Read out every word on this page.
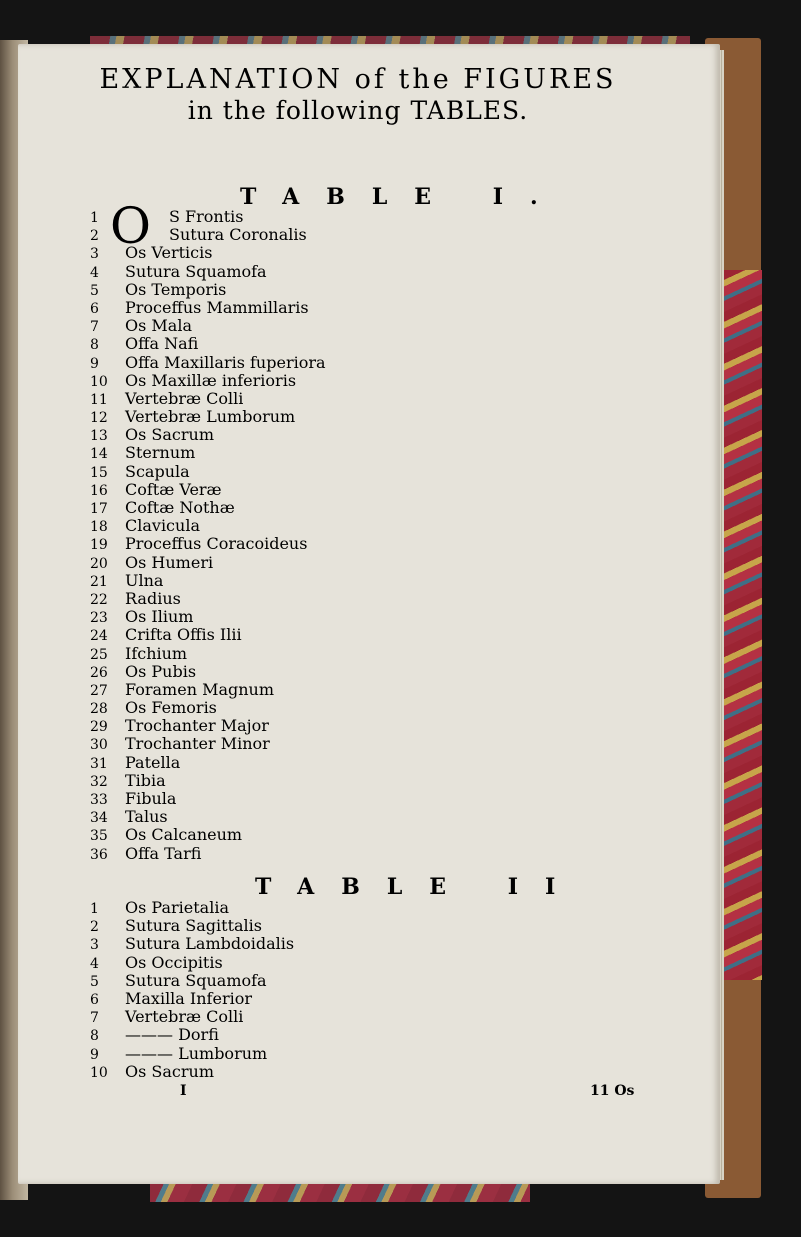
EXPLANATION of the FIGURES
in the following TABLES.
TABLE I.
O
1	S Frontis
2	Sutura Coronalis
3 Os Verticis
4 Sutura Squamofa
5 Os Temporis
6 Proceffus Mammillaris
7 Os Mala
8 Offa Nafi
9 Offa Maxillaris fuperiora
10 Os Maxillæ inferioris
11 Vertebræ Colli
12 Vertebræ Lumborum
13 Os Sacrum
14 Sternum
15 Scapula
16 Coftæ Veræ
17 Coftæ Nothæ
18 Clavicula
19 Proceffus Coracoideus
20 Os Humeri
21 Ulna
22 Radius
23 Os Ilium
24 Crifta Offis Ilii
25 Ifchium
26 Os Pubis
27 Foramen Magnum
28 Os Femoris
29 Trochanter Major
30 Trochanter Minor
31 Patella
32 Tibia
33 Fibula
34 Talus
35 Os Calcaneum
36 Offa Tarfi
TABLE II
1 Os Parietalia
2 Sutura Sagittalis
3 Sutura Lambdoidalis
4 Os Occipitis
5 Sutura Squamofa
6 Maxilla Inferior
7 Vertebræ Colli
8 ——— Dorfi
9 ——— Lumborum
10 Os Sacrum
I	11 Os
